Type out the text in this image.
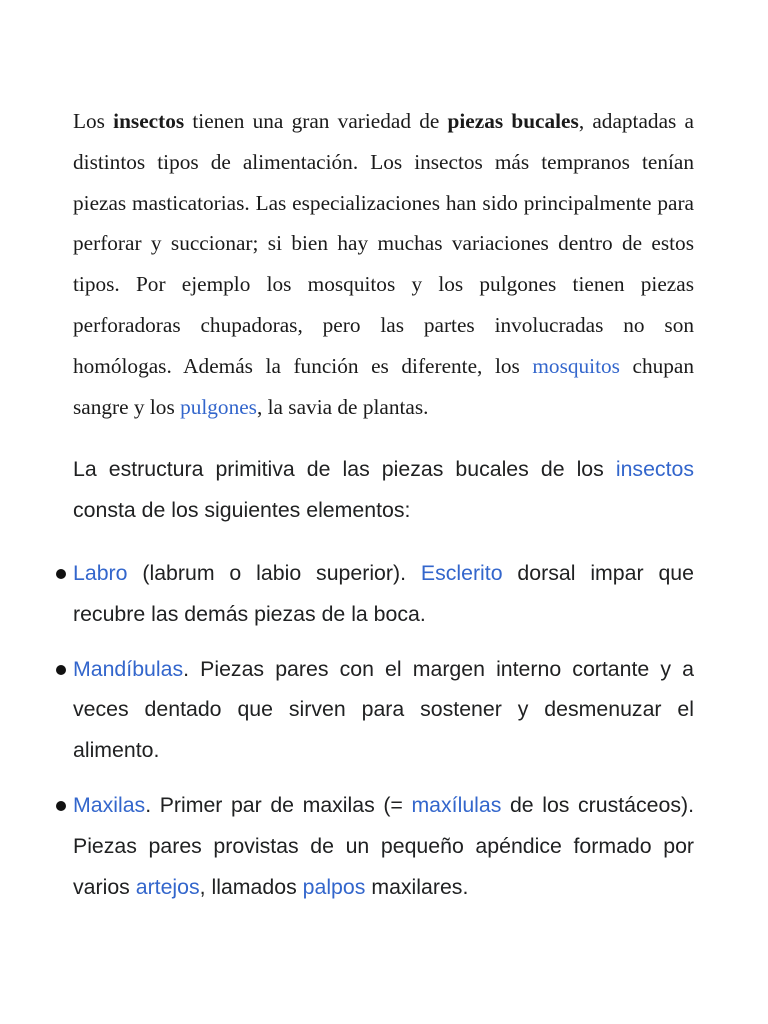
Los insectos tienen una gran variedad de piezas bucales, adaptadas a distintos tipos de alimentación. Los insectos más tempranos tenían piezas masticatorias. Las especializaciones han sido principalmente para perforar y succionar; si bien hay muchas variaciones dentro de estos tipos. Por ejemplo los mosquitos y los pulgones tienen piezas perforadoras chupadoras, pero las partes involucradas no son homólogas. Además la función es diferente, los mosquitos chupan sangre y los pulgones, la savia de plantas.

La estructura primitiva de las piezas bucales de los insectos consta de los siguientes elementos:

Labro (labrum o labio superior). Esclerito dorsal impar que recubre las demás piezas de la boca.
Mandíbulas. Piezas pares con el margen interno cortante y a veces dentado que sirven para sostener y desmenuzar el alimento.
Maxilas. Primer par de maxilas (= maxílulas de los crustáceos). Piezas pares provistas de un pequeño apéndice formado por varios artejos, llamados palpos maxilares.
